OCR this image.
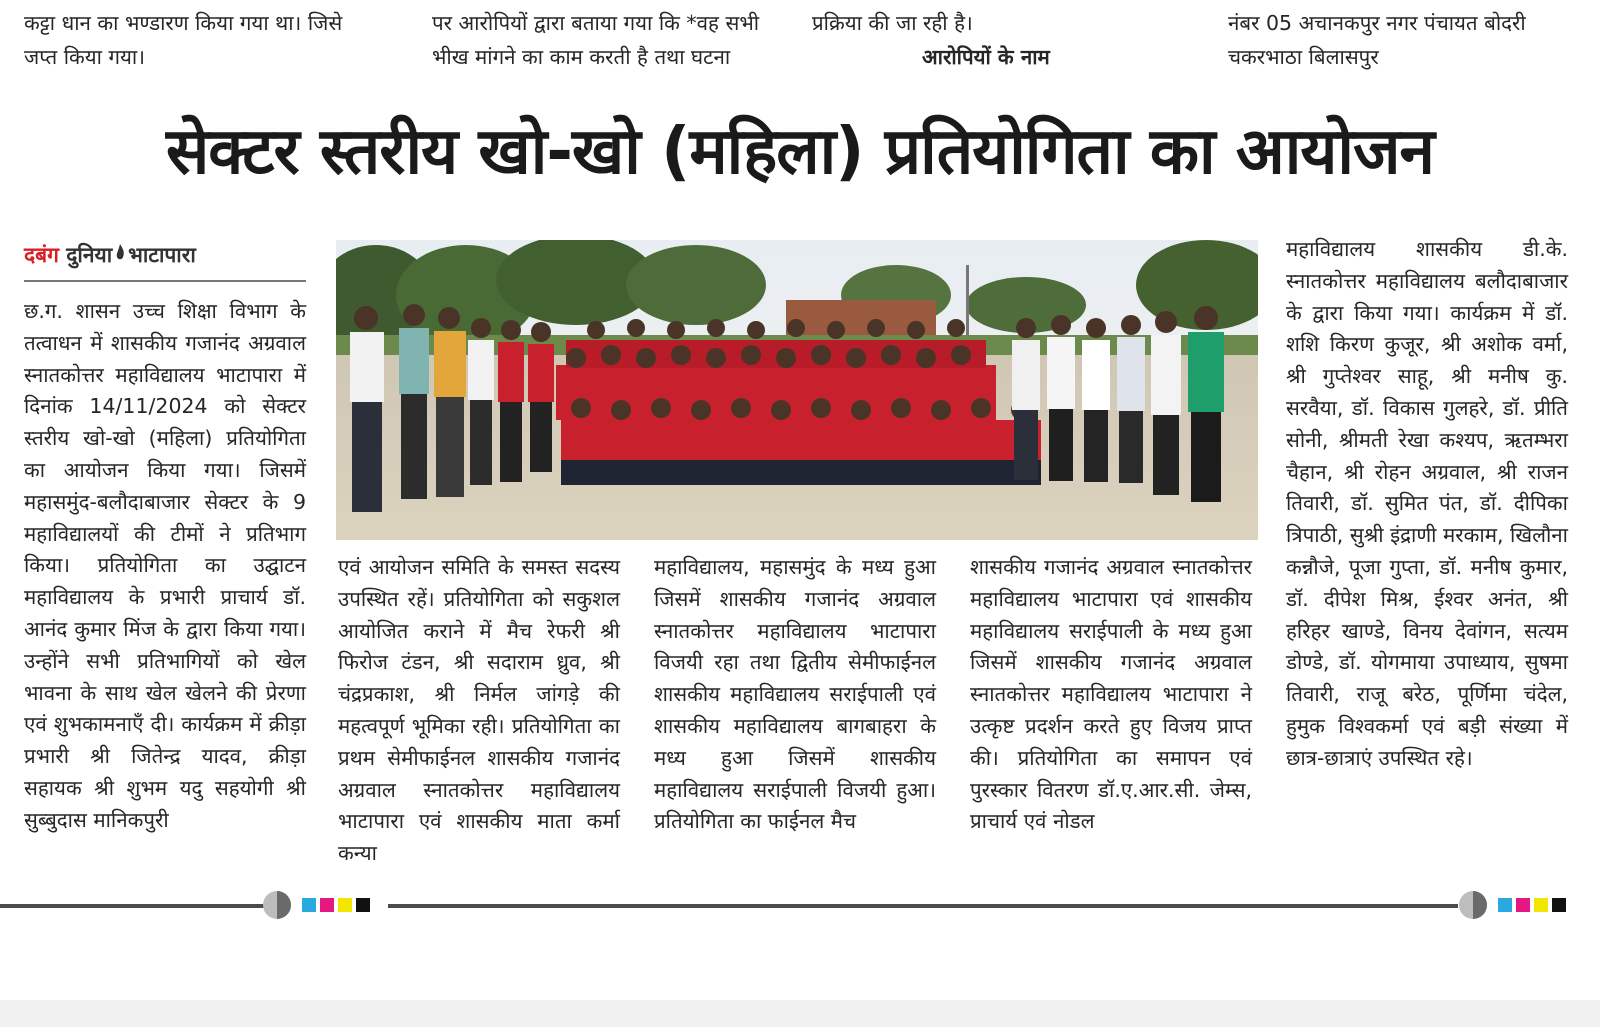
कट्टा धान का भण्डारण किया गया था। जिसे
जप्त किया गया।
पर आरोपियों द्वारा बताया गया कि *वह सभी
भीख मांगने का काम करती है तथा घटना
प्रक्रिया की जा रही है।
आरोपियों के नाम
नंबर 05 अचानकपुर नगर पंचायत बोदरी
चकरभाठा बिलासपुर
सेक्टर स्तरीय खो-खो (महिला) प्रतियोगिता का आयोजन
दबंग दुनिया भाटापारा

छ.ग. शासन उच्च शिक्षा विभाग के तत्वाधन में शासकीय गजानंद अग्रवाल स्नातकोत्तर महाविद्यालय भाटापारा में दिनांक 14/11/2024 को सेक्टर स्तरीय खो-खो (महिला) प्रतियोगिता का आयोजन किया गया। जिसमें महासमुंद-बलौदाबाजार सेक्टर के 9 महाविद्यालयों की टीमों ने प्रतिभाग किया। प्रतियोगिता का उद्घाटन महाविद्यालय के प्रभारी प्राचार्य डॉ. आनंद कुमार मिंज के द्वारा किया गया। उन्होंने सभी प्रतिभागियों को खेल भावना के साथ खेल खेलने की प्रेरणा एवं शुभकामनाएँ दी। कार्यक्रम में क्रीड़ा प्रभारी श्री जितेन्द्र यादव, क्रीड़ा सहायक श्री शुभम यदु सहयोगी श्री सुब्बुदास मानिकपुरी

एवं आयोजन समिति के समस्त सदस्य उपस्थित रहें। प्रतियोगिता को सकुशल आयोजित कराने में मैच रेफरी श्री फिरोज टंडन, श्री सदाराम ध्रुव, श्री चंद्रप्रकाश, श्री निर्मल जांगड़े की महत्वपूर्ण भूमिका रही। प्रतियोगिता का प्रथम सेमीफाईनल शासकीय गजानंद अग्रवाल स्नातकोत्तर महाविद्यालय भाटापारा एवं शासकीय माता कर्मा कन्या

महाविद्यालय, महासमुंद के मध्य हुआ जिसमें शासकीय गजानंद अग्रवाल स्नातकोत्तर महाविद्यालय भाटापारा विजयी रहा तथा द्वितीय सेमीफाईनल शासकीय महाविद्यालय सराईपाली एवं शासकीय महाविद्यालय बागबाहरा के मध्य हुआ जिसमें शासकीय महाविद्यालय सराईपाली विजयी हुआ। प्रतियोगिता का फाईनल मैच

शासकीय गजानंद अग्रवाल स्नातकोत्तर महाविद्यालय भाटापारा एवं शासकीय महाविद्यालय सराईपाली के मध्य हुआ जिसमें शासकीय गजानंद अग्रवाल स्नातकोत्तर महाविद्यालय भाटापारा ने उत्कृष्ट प्रदर्शन करते हुए विजय प्राप्त की। प्रतियोगिता का समापन एवं पुरस्कार वितरण डॉ.ए.आर.सी. जेम्स, प्राचार्य एवं नोडल

महाविद्यालय शासकीय डी.के. स्नातकोत्तर महाविद्यालय बलौदाबाजार के द्वारा किया गया। कार्यक्रम में डॉ. शशि किरण कुजूर, श्री अशोक वर्मा, श्री गुप्तेश्वर साहू, श्री मनीष कु. सरवैया, डॉ. विकास गुलहरे, डॉ. प्रीति सोनी, श्रीमती रेखा कश्यप, ऋतम्भरा चैहान, श्री रोहन अग्रवाल, श्री राजन तिवारी, डॉ. सुमित पंत, डॉ. दीपिका त्रिपाठी, सुश्री इंद्राणी मरकाम, खिलौना कन्नौजे, पूजा गुप्ता, डॉ. मनीष कुमार, डॉ. दीपेश मिश्र, ईश्वर अनंत, श्री हरिहर खाण्डे, विनय देवांगन, सत्यम डोण्डे, डॉ. योगमाया उपाध्याय, सुषमा तिवारी, राजू बरेठ, पूर्णिमा चंदेल, हुमुक विश्वकर्मा एवं बड़ी संख्या में छात्र-छात्राएं उपस्थित रहे।
